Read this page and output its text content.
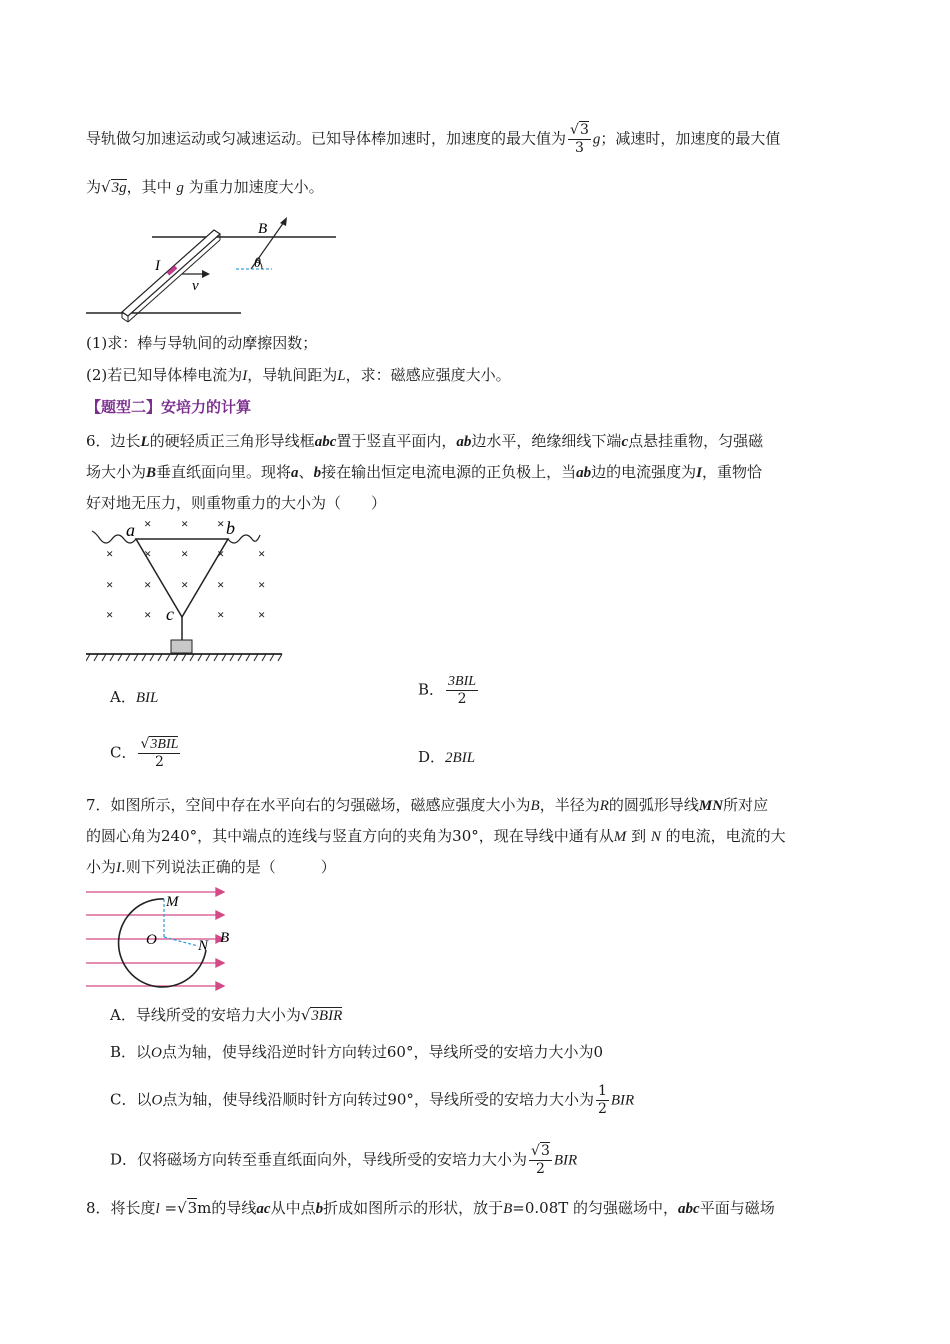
导轨做匀加速运动或匀减速运动。已知导体棒加速时，加速度的最大值为 $\frac{√3}{3}$ g；减速时，加速度的最大值
为√3g，其中 g 为重力加速度大小。
I
v
B
θ
(1)求：棒与导轨间的动摩擦因数；
(2)若已知导体棒电流为I，导轨间距为L，求：磁感应强度大小。
【题型二】安培力的计算
6．边长L的硬轻质正三角形导线框abc置于竖直平面内，ab边水平，绝缘细线下端c点悬挂重物，匀强磁
场大小为B垂直纸面向里。现将a、b接在输出恒定电流电源的正负极上，当ab边的电流强度为I，重物恰
好对地无压力，则重物重力的大小为（　　）
× × ×
× × × ×	×
× × × ×	×
× ×	×	×
a	b
c
A．BIL	B． $\frac{\text{3BIL}}{2}$
C． $\frac{\text{√3BIL}}{2}$	D．2BIL
7．如图所示，空间中存在水平向右的匀强磁场，磁感应强度大小为B，半径为R的圆弧形导线MN所对应
的圆心角为240°，其中端点的连线与竖直方向的夹角为30°，现在导线中通有从M 到 N 的电流，电流的大
小为I.则下列说法正确的是（　　　）
M
O	N B
A．导线所受的安培力大小为√3BIR
B．以O点为轴，使导线沿逆时针方向转过60°，导线所受的安培力大小为0
C．以O点为轴，使导线沿顺时针方向转过90°，导线所受的安培力大小为 $\frac{1}{2}$ BIR
D．仅将磁场方向转至垂直纸面向外，导线所受的安培力大小为 $\frac{√3}{2}$ BIR
8．将长度l =√3m的导线ac从中点b折成如图所示的形状，放于B=0.08T 的匀强磁场中，abc平面与磁场
